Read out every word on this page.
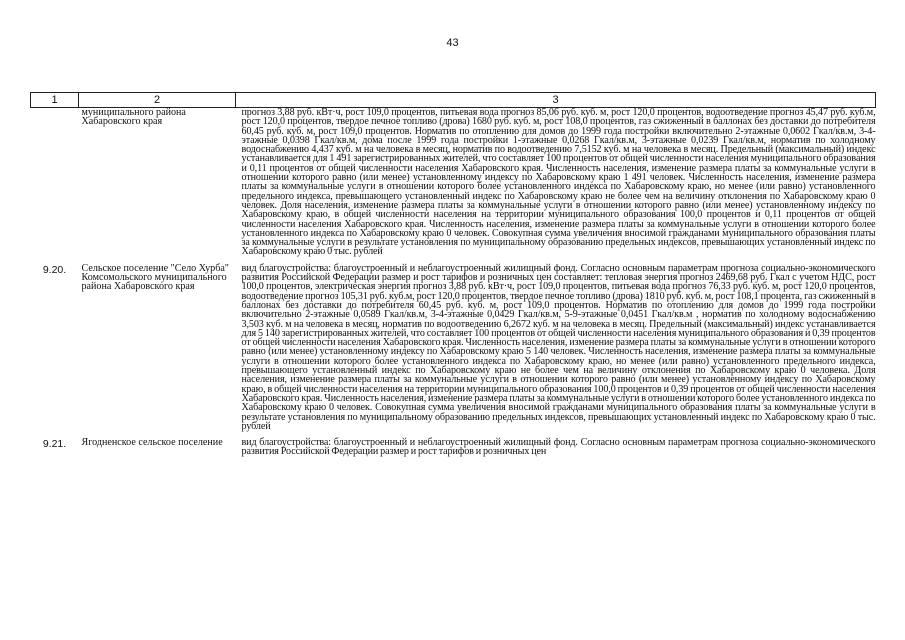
43
1	2	3
	муниципального района Хабаровского края	прогноз 3,88 руб. кВт·ч, рост 109,0 процентов, питьевая вода прогноз 85,06 руб. куб. м, рост 120,0 процентов, водоотведение прогноз 45,47 руб. куб.м, рост 120,0 процентов, твердое печное топливо (дрова) 1680 руб. куб. м, рост 108,0 процентов, газ сжиженный в баллонах без доставки до потребителя 60,45 руб. куб. м, рост 109,0 процентов. Норматив по отоплению для домов до 1999 года постройки включительно 2-этажные 0,0602 Гкал/кв.м, 3-4-этажные 0,0398 Гкал/кв.м, дома после 1999 года постройки 1-этажные 0,0268 Гкал/кв.м, 3-этажные 0,0239 Гкал/кв.м, норматив по холодному водоснабжению 4,437 куб. м на человека в месяц, норматив по водоотведению 7,5152 куб. м на человека в месяц. Предельный (максимальный) индекс устанавливается для 1 491 зарегистрированных жителей, что составляет 100 процентов от общей численности населения муниципального образования и 0,11 процентов от общей численности населения Хабаровского края. Численность населения, изменение размера платы за коммунальные услуги в отношении которого равно (или менее) установленному индексу по Хабаровскому краю 1 491 человек. Численность населения, изменение размера платы за коммунальные услуги в отношении которого более установленного индекса по Хабаровскому краю, но менее (или равно) установленного предельного индекса, превышающего установленный индекс по Хабаровскому краю не более чем на величину отклонения по Хабаровскому краю 0 человек. Доля населения, изменение размера платы за коммунальные услуги в отношении которого равно (или менее) установленному индексу по Хабаровскому краю, в общей численности населения на территории муниципального образования 100,0 процентов и 0,11 процентов от общей численности населения Хабаровского края. Численность населения, изменение размера платы за коммунальные услуги в отношении которого более установленного индекса по Хабаровскому краю 0 человек. Совокупная сумма увеличения вносимой гражданами муниципального образования платы за коммунальные услуги в результате установления по муниципальному образованию предельных индексов, превышающих установленный индекс по Хабаровскому краю 0 тыс. рублей
9.20.	Сельское поселение "Село Хурба" Комсомольского муниципального района Хабаровского края	вид благоустройства: благоустроенный и неблагоустроенный жилищный фонд. Согласно основным параметрам прогноза социально-экономического развития Российской Федерации размер и рост тарифов и розничных цен составляет: тепловая энергия прогноз 2469,68 руб. Гкал с учетом НДС, рост 100,0 процентов, электрическая энергия прогноз 3,88 руб. кВт·ч, рост 109,0 процентов, питьевая вода прогноз 76,33 руб. куб. м, рост 120,0 процентов, водоотведение прогноз 105,31 руб. куб.м, рост 120,0 процентов, твердое печное топливо (дрова) 1810 руб. куб. м, рост 108,1 процента, газ сжиженный в баллонах без доставки до потребителя 60,45 руб. куб. м, рост 109,0 процентов. Норматив по отоплению для домов до 1999 года постройки включительно 2-этажные 0,0589 Гкал/кв.м, 3-4-этажные 0,0429 Гкал/кв.м, 5-9-этажные 0,0451 Гкал/кв.м , норматив по холодному водоснабжению 3,503 куб. м на человека в месяц, норматив по водоотведению 6,2672 куб. м на человека в месяц. Предельный (максимальный) индекс устанавливается для 5 140 зарегистрированных жителей, что составляет 100 процентов от общей численности населения муниципального образования и 0,39 процентов от общей численности населения Хабаровского края. Численность населения, изменение размера платы за коммунальные услуги в отношении которого равно (или менее) установленному индексу по Хабаровскому краю 5 140 человек. Численность населения, изменение размера платы за коммунальные услуги в отношении которого более установленного индекса по Хабаровскому краю, но менее (или равно) установленного предельного индекса, превышающего установленный индекс по Хабаровскому краю не более чем на величину отклонения по Хабаровскому краю 0 человека. Доля населения, изменение размера платы за коммунальные услуги в отношении которого равно (или менее) установленному индексу по Хабаровскому краю, в общей численности населения на территории муниципального образования 100,0 процентов и 0,39 процентов от общей численности населения Хабаровского края. Численность населения, изменение размера платы за коммунальные услуги в отношении которого более установленного индекса по Хабаровскому краю 0 человек. Совокупная сумма увеличения вносимой гражданами муниципального образования платы за коммунальные услуги в результате установления по муниципальному образованию предельных индексов, превышающих установленный индекс по Хабаровскому краю 0 тыс. рублей
9.21.	Ягодненское сельское поселение	вид благоустройства: благоустроенный и неблагоустроенный жилищный фонд. Согласно основным параметрам прогноза социально-экономического развития Российской Федерации размер и рост тарифов и розничных цен
